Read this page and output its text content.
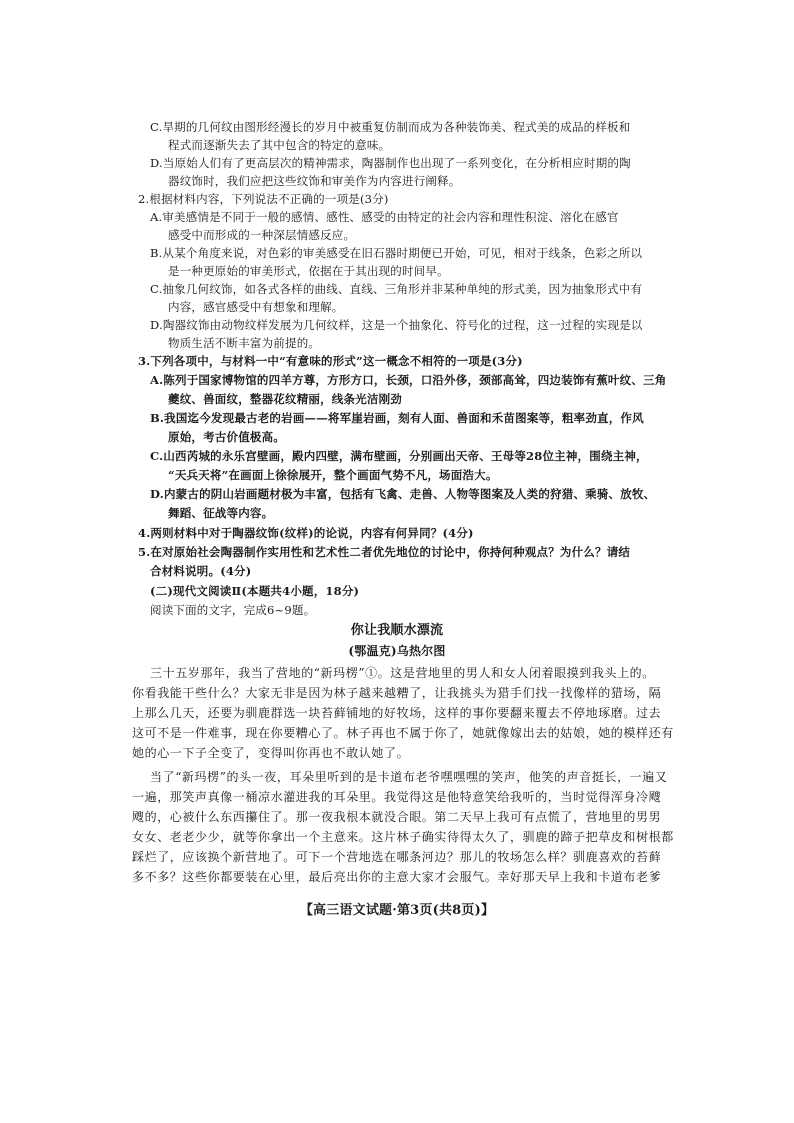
C.旱期的几何纹由图形经漫长的岁月中被重复仿制而成为各种装饰美、程式美的成品的样板和
程式而逐渐失去了其中包含的特定的意味。
D.当原始人们有了更高层次的精神需求，陶器制作也出现了一系列变化，在分析相应时期的陶
器纹饰时，我们应把这些纹饰和审美作为内容进行阐释。
2.根据材料内容，下列说法不正确的一项是(3分)
A.审美感情是不同于一般的感情、感性、感受的由特定的社会内容和理性积淀、溶化在感官
感受中而形成的一种深层情感反应。
B.从某个角度来说，对色彩的审美感受在旧石器时期便已开始，可见，相对于线条，色彩之所以
是一种更原始的审美形式，依据在于其出现的时间早。
C.抽象几何纹饰，如各式各样的曲线、直线、三角形并非某种单纯的形式美，因为抽象形式中有
内容，感官感受中有想象和理解。
D.陶器纹饰由动物纹样发展为几何纹样，这是一个抽象化、符号化的过程，这一过程的实现是以
物质生活不断丰富为前提的。
3.下列各项中，与材料一中“有意味的形式”这一概念不相符的一项是(3分)
A.陈列于国家博物馆的四羊方尊，方形方口，长颈，口沿外侈，颈部高耸，四边装饰有蕉叶纹、三角
夔纹、兽面纹，整器花纹精丽，线条光洁刚劲
B.我国迄今发现最古老的岩画——将军崖岩画，刻有人面、兽面和禾苗图案等，粗率劲直，作风
原始，考古价值极高。
C.山西芮城的永乐宫壁画，殿内四壁，满布壁画，分别画出天帝、王母等28位主神，围绕主神，
“天兵天将”在画面上徐徐展开，整个画面气势不凡，场面浩大。
D.内蒙古的阴山岩画题材极为丰富，包括有飞禽、走兽、人物等图案及人类的狩猎、乘骑、放牧、
舞蹈、征战等内容。
4.两则材料中对于陶器纹饰(纹样)的论说，内容有何异同？(4分)
5.在对原始社会陶器制作实用性和艺术性二者优先地位的讨论中，你持何种观点？为什么？请结
合材料说明。(4分)
(二)现代文阅读Ⅱ(本题共4小题，18分)
阅读下面的文字，完成6~9题。
你让我顺水漂流
(鄂温克)乌热尔图
三十五岁那年，我当了营地的“新玛楞”①。这是营地里的男人和女人闭着眼摸到我头上的。
你看我能干些什么？大家无非是因为林子越来越糟了，让我挑头为猎手们找一找像样的猎场，隔
上那么几天，还要为驯鹿群选一块苔藓铺地的好牧场，这样的事你要翻来覆去不停地琢磨。过去
这可不是一件难事，现在你要糟心了。林子再也不属于你了，她就像嫁出去的姑娘，她的模样还有
她的心一下子全变了，变得叫你再也不敢认她了。
当了“新玛楞”的头一夜，耳朵里听到的是卡道布老爷嘿嘿嘿的笑声，他笑的声音挺长，一遍又
一遍，那笑声真像一桶凉水灌进我的耳朵里。我觉得这是他特意笑给我听的，当时觉得浑身冷飕
飕的，心被什么东西攥住了。那一夜我根本就没合眼。第二天早上我可有点慌了，营地里的男男
女女、老老少少，就等你拿出一个主意来。这片林子确实待得太久了，驯鹿的蹄子把草皮和树根都
踩烂了，应该换个新营地了。可下一个营地选在哪条河边？那儿的牧场怎么样？驯鹿喜欢的苔藓
多不多？这些你都要装在心里，最后亮出你的主意大家才会服气。幸好那天早上我和卡道布老爹
【高三语文试题·第3页(共8页)】
